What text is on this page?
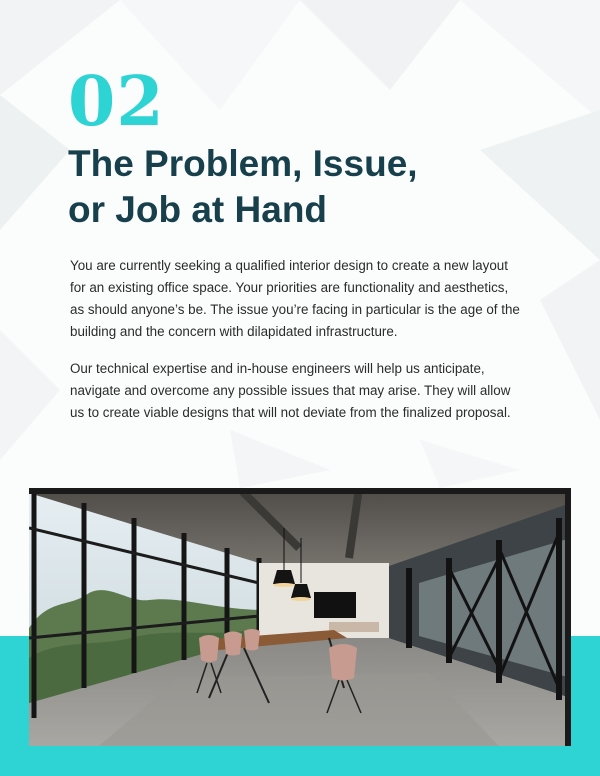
02
The Problem, Issue,
or Job at Hand
You are currently seeking a qualified interior design to create a new layout
for an existing office space. Your priorities are functionality and aesthetics,
as should anyone’s be. The issue you’re facing in particular is the age of the
building and the concern with dilapidated infrastructure.
Our technical expertise and in-house engineers will help us anticipate,
navigate and overcome any possible issues that may arise. They will allow
us to create viable designs that will not deviate from the finalized proposal.
